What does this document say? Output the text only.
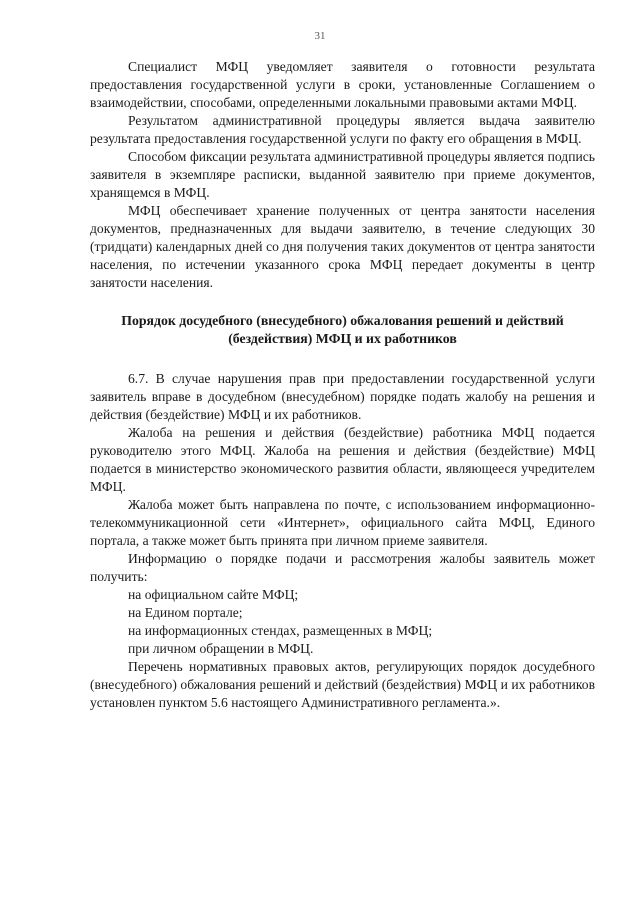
31

Специалист МФЦ уведомляет заявителя о готовности результата предоставления государственной услуги в сроки, установленные Соглашением о взаимодействии, способами, определенными локальными правовыми актами МФЦ.

Результатом административной процедуры является выдача заявителю результата предоставления государственной услуги по факту его обращения в МФЦ.

Способом фиксации результата административной процедуры является подпись заявителя в экземпляре расписки, выданной заявителю при приеме документов, хранящемся в МФЦ.

МФЦ обеспечивает хранение полученных от центра занятости населения документов, предназначенных для выдачи заявителю, в течение следующих 30 (тридцати) календарных дней со дня получения таких документов от центра занятости населения, по истечении указанного срока МФЦ передает документы в центр занятости населения.

Порядок досудебного (внесудебного) обжалования решений и действий (бездействия) МФЦ и их работников

6.7. В случае нарушения прав при предоставлении государственной услуги заявитель вправе в досудебном (внесудебном) порядке подать жалобу на решения и действия (бездействие) МФЦ и их работников.

Жалоба на решения и действия (бездействие) работника МФЦ подается руководителю этого МФЦ. Жалоба на решения и действия (бездействие) МФЦ подается в министерство экономического развития области, являющееся учредителем МФЦ.

Жалоба может быть направлена по почте, с использованием информационно-телекоммуникационной сети «Интернет», официального сайта МФЦ, Единого портала, а также может быть принята при личном приеме заявителя.

Информацию о порядке подачи и рассмотрения жалобы заявитель может получить:

на официальном сайте МФЦ;
на Едином портале;
на информационных стендах, размещенных в МФЦ;
при личном обращении в МФЦ.

Перечень нормативных правовых актов, регулирующих порядок досудебного (внесудебного) обжалования решений и действий (бездействия) МФЦ и их работников установлен пунктом 5.6 настоящего Административного регламента.».
